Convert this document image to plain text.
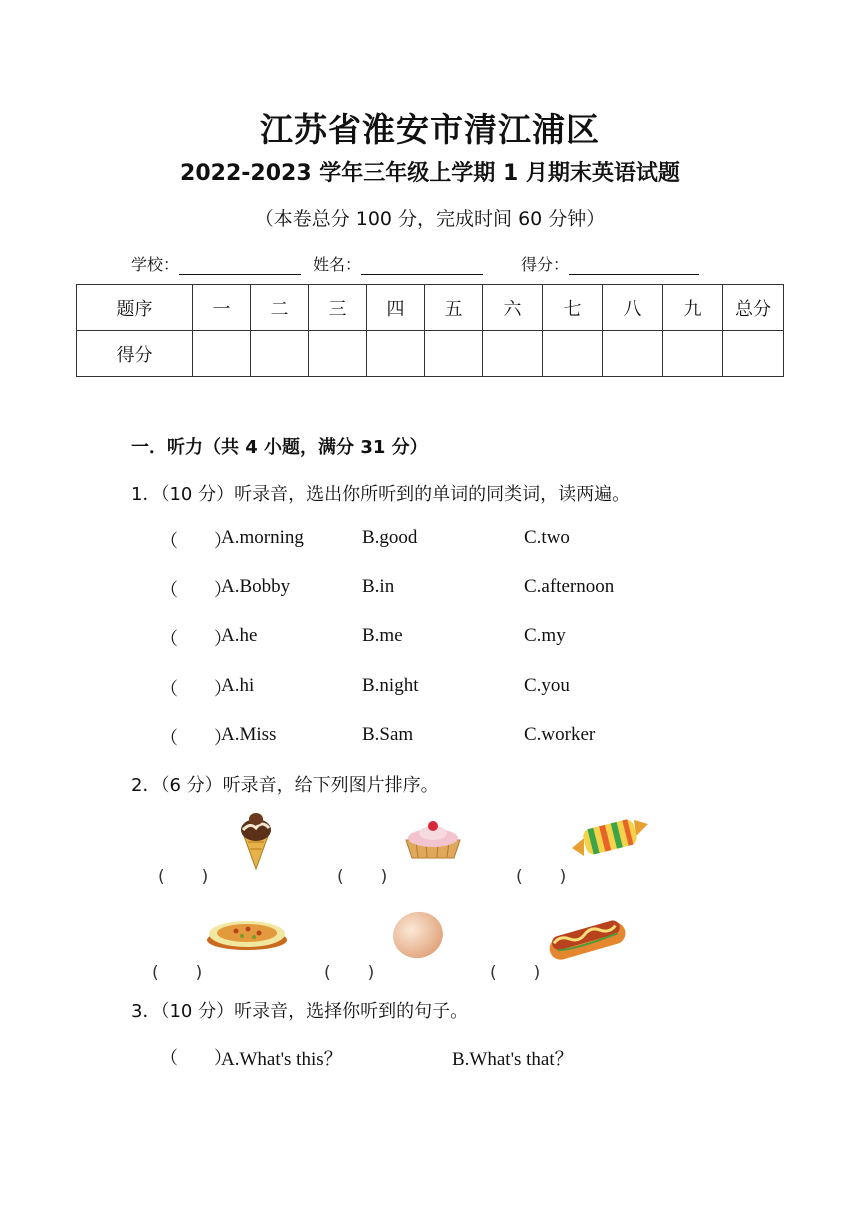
江苏省淮安市清江浦区
2022-2023 学年三年级上学期 1 月期末英语试题
（本卷总分 100 分，完成时间 60 分钟）
学校：	姓名：	得分：
题序	一	二	三	四	五	六	七	八	九	总分
得分										
一．听力（共 4 小题，满分 31 分）
1．（10 分）听录音，选出你所听到的单词的同类词，读两遍。
（　　）
A.morning	B.good	C.two
（　　）
A.Bobby	B.in	C.afternoon
（　　）
A.he	B.me	C.my
（　　）
A.hi	B.night	C.you
（　　）
A.Miss	B.Sam	C.worker
2．（6 分）听录音，给下列图片排序。
(　)	(　)	(　)
(　)	(　)	(　)
3．（10 分）听录音，选择你听到的句子。
（　　）
A.What's this？	B.What's that？
